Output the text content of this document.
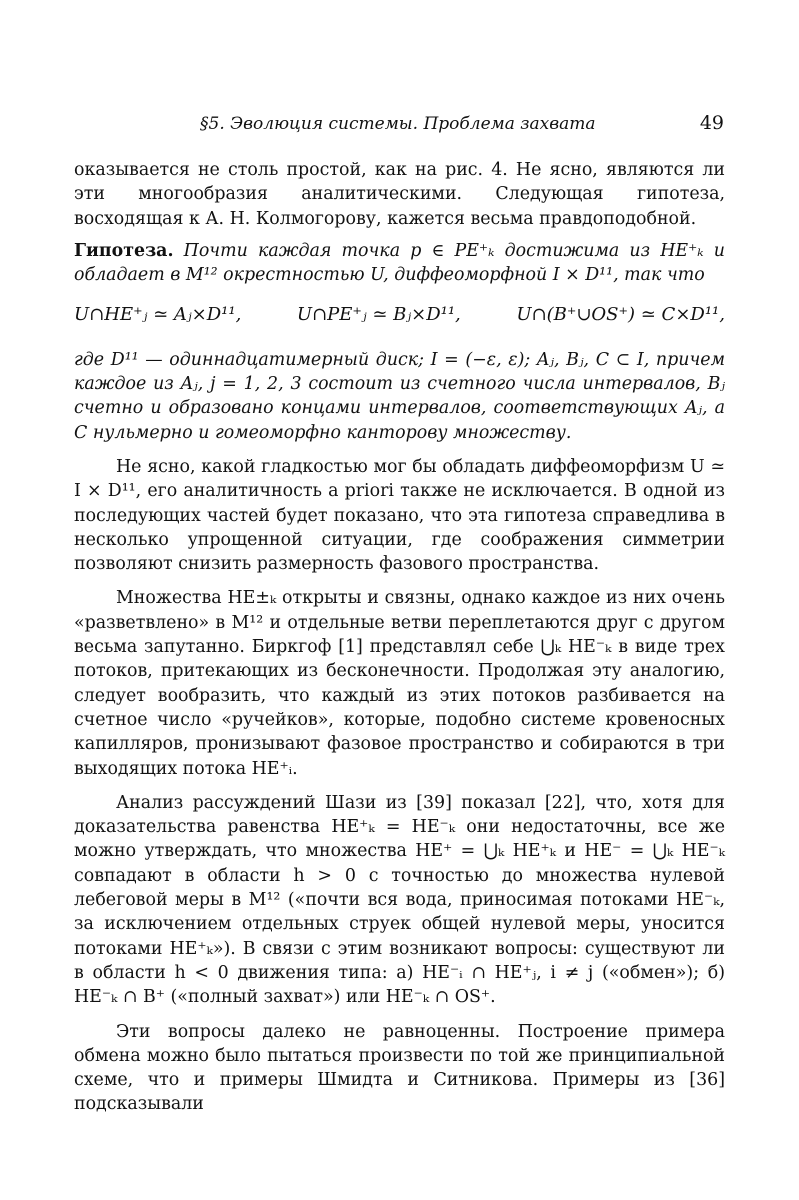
§5. Эволюция системы. Проблема захвата	49

оказывается не столь простой, как на рис. 4. Не ясно, являются ли эти многообразия аналитическими. Следующая гипотеза, восходящая к А. Н. Колмогорову, кажется весьма правдоподобной.

Гипотеза. Почти каждая точка p ∈ PE⁺ₖ достижима из HE⁺ₖ и обладает в M¹² окрестностью U, диффеоморфной I × D¹¹, так что

U∩HE⁺ⱼ ≃ Aⱼ×D¹¹,	U∩PE⁺ⱼ ≃ Bⱼ×D¹¹,	U∩(B⁺∪OS⁺) ≃ C×D¹¹,

где D¹¹ — одиннадцатимерный диск; I = (−ε, ε); Aⱼ, Bⱼ, C ⊂ I, причем каждое из Aⱼ, j = 1, 2, 3 состоит из счетного числа интервалов, Bⱼ счетно и образовано концами интервалов, соответствующих Aⱼ, а C нульмерно и гомеоморфно канторову множеству.

Не ясно, какой гладкостью мог бы обладать диффеоморфизм U ≃ I × D¹¹, его аналитичность a priori также не исключается. В одной из последующих частей будет показано, что эта гипотеза справедлива в несколько упрощенной ситуации, где соображения симметрии позволяют снизить размерность фазового пространства.

Множества HE±ₖ открыты и связны, однако каждое из них очень «разветвлено» в M¹² и отдельные ветви переплетаются друг с другом весьма запутанно. Биркгоф [1] представлял себе ⋃ₖ HE⁻ₖ в виде трех потоков, притекающих из бесконечности. Продолжая эту аналогию, следует вообразить, что каждый из этих потоков разбивается на счетное число «ручейков», которые, подобно системе кровеносных капилляров, пронизывают фазовое пространство и собираются в три выходящих потока HE⁺ᵢ.

Анализ рассуждений Шази из [39] показал [22], что, хотя для доказательства равенства HE⁺ₖ = HE⁻ₖ они недостаточны, все же можно утверждать, что множества HE⁺ = ⋃ₖ HE⁺ₖ и HE⁻ = ⋃ₖ HE⁻ₖ совпадают в области h > 0 с точностью до множества нулевой лебеговой меры в M¹² («почти вся вода, приносимая потоками HE⁻ₖ, за исключением отдельных струек общей нулевой меры, уносится потоками HE⁺ₖ»). В связи с этим возникают вопросы: существуют ли в области h < 0 движения типа: а) HE⁻ᵢ ∩ HE⁺ⱼ, i ≠ j («обмен»); б) HE⁻ₖ ∩ B⁺ («полный захват») или HE⁻ₖ ∩ OS⁺.

Эти вопросы далеко не равноценны. Построение примера обмена можно было пытаться произвести по той же принципиальной схеме, что и примеры Шмидта и Ситникова. Примеры из [36] подсказывали
